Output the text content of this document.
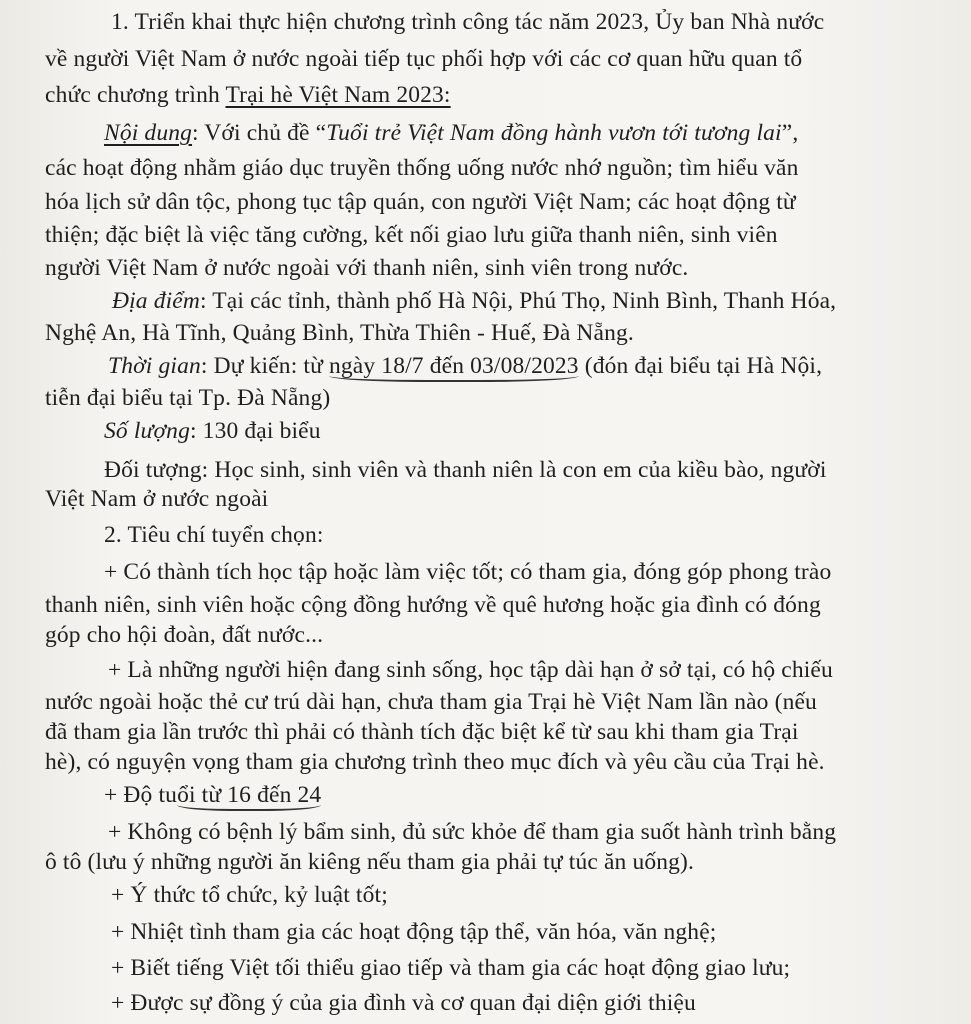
1. Triển khai thực hiện chương trình công tác năm 2023, Ủy ban Nhà nước
về người Việt Nam ở nước ngoài tiếp tục phối hợp với các cơ quan hữu quan tổ
chức chương trình Trại hè Việt Nam 2023:
Nội dung: Với chủ đề “Tuổi trẻ Việt Nam đồng hành vươn tới tương lai”,
các hoạt động nhằm giáo dục truyền thống uống nước nhớ nguồn; tìm hiểu văn
hóa lịch sử dân tộc, phong tục tập quán, con người Việt Nam; các hoạt động từ
thiện; đặc biệt là việc tăng cường, kết nối giao lưu giữa thanh niên, sinh viên
người Việt Nam ở nước ngoài với thanh niên, sinh viên trong nước.
Địa điểm: Tại các tỉnh, thành phố Hà Nội, Phú Thọ, Ninh Bình, Thanh Hóa,
Nghệ An, Hà Tĩnh, Quảng Bình, Thừa Thiên - Huế, Đà Nẵng.
Thời gian: Dự kiến: từ ngày 18/7 đến 03/08/2023 (đón đại biểu tại Hà Nội,
tiễn đại biểu tại Tp. Đà Nẵng)
Số lượng: 130 đại biểu
Đối tượng: Học sinh, sinh viên và thanh niên là con em của kiều bào, người
Việt Nam ở nước ngoài
2. Tiêu chí tuyển chọn:
+ Có thành tích học tập hoặc làm việc tốt; có tham gia, đóng góp phong trào
thanh niên, sinh viên hoặc cộng đồng hướng về quê hương hoặc gia đình có đóng
góp cho hội đoàn, đất nước...
+ Là những người hiện đang sinh sống, học tập dài hạn ở sở tại, có hộ chiếu
nước ngoài hoặc thẻ cư trú dài hạn, chưa tham gia Trại hè Việt Nam lần nào (nếu
đã tham gia lần trước thì phải có thành tích đặc biệt kể từ sau khi tham gia Trại
hè), có nguyện vọng tham gia chương trình theo mục đích và yêu cầu của Trại hè.
+ Độ tuổi từ 16 đến 24
+ Không có bệnh lý bẩm sinh, đủ sức khỏe để tham gia suốt hành trình bằng
ô tô (lưu ý những người ăn kiêng nếu tham gia phải tự túc ăn uống).
+ Ý thức tổ chức, kỷ luật tốt;
+ Nhiệt tình tham gia các hoạt động tập thể, văn hóa, văn nghệ;
+ Biết tiếng Việt tối thiểu giao tiếp và tham gia các hoạt động giao lưu;
+ Được sự đồng ý của gia đình và cơ quan đại diện giới thiệu
